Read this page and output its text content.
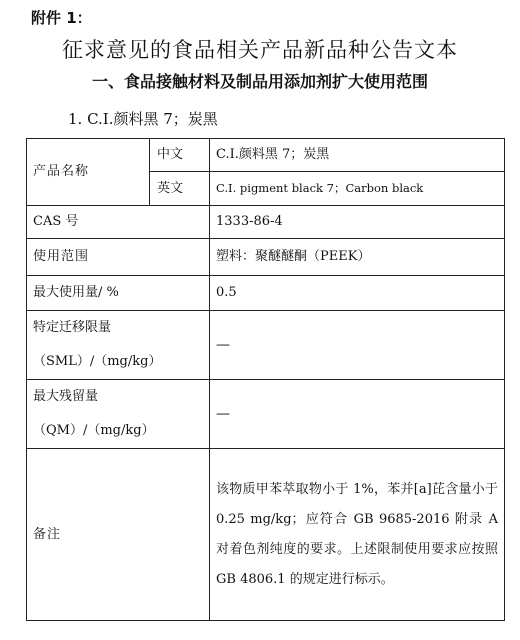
附件 1：
征求意见的食品相关产品新品种公告文本
一、食品接触材料及制品用添加剂扩大使用范围
1. C.I.颜料黑 7；炭黑
产品名称	中文	C.I.颜料黑 7；炭黑
	英文	C.I. pigment black 7；Carbon black
CAS 号		1333-86-4
使用范围		塑料：聚醚醚酮（PEEK）
最大使用量/ %		0.5

特定迁移限量
（SML）/（mg/kg）		—

最大残留量
（QM）/（mg/kg）		—
备注		该物质甲苯萃取物小于 1%，苯并[a]芘含量小于 0.25 mg/kg；应符合 GB 9685-2016 附录 A 对着色剂纯度的要求。上述限制使用要求应按照 GB 4806.1 的规定进行标示。
